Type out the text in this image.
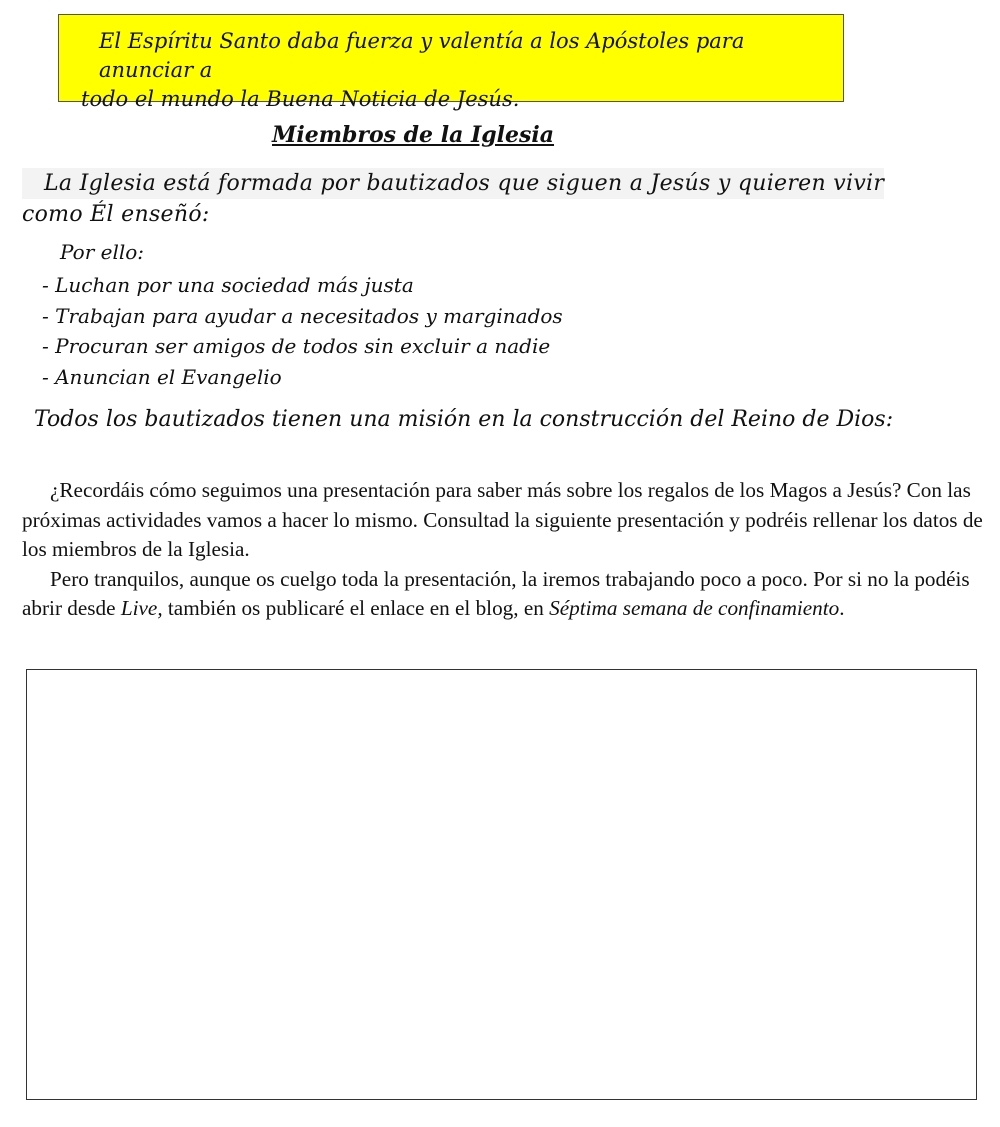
El Espíritu Santo daba fuerza y valentía a los Apóstoles para anunciar a
todo el mundo la Buena Noticia de Jesús.
Miembros de la Iglesia
La Iglesia está formada por bautizados que siguen a Jesús y quieren vivir
como Él enseñó:
Por ello:
- Luchan por una sociedad más justa
- Trabajan para ayudar a necesitados y marginados
- Procuran ser amigos de todos sin excluir a nadie
- Anuncian el Evangelio
Todos los bautizados tienen una misión en la construcción del Reino de Dios:

¿Recordáis cómo seguimos una presentación para saber más sobre los regalos de los Magos a Jesús? Con las próximas actividades vamos a hacer lo mismo. Consultad la siguiente presentación y podréis rellenar los datos de los miembros de la Iglesia.

Pero tranquilos, aunque os cuelgo toda la presentación, la iremos trabajando poco a poco. Por si no la podéis abrir desde Live, también os publicaré el enlace en el blog, en Séptima semana de confinamiento.
